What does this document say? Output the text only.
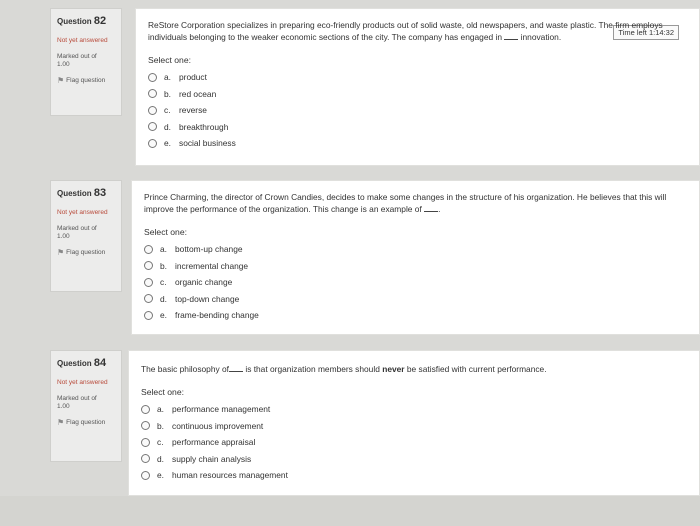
Question 82
Not yet answered
Marked out of
1.00
⚑ Flag question
Time left 1:14:32
ReStore Corporation specializes in preparing eco-friendly products out of solid waste, old newspapers, and waste plastic. The firm employs individuals belonging to the weaker economic sections of the city. The company has engaged in innovation.
Select one:
a. product
b. red ocean
c.	reverse
d. breakthrough
e. social business
Question 83
Not yet answered
Marked out of
1.00
⚑ Flag question
Prince Charming, the director of Crown Candies, decides to make some changes in the structure of his organization. He believes that this will improve the performance of the organization. This change is an example of .
Select one:
a. bottom-up change
b. incremental change
c.	organic change
d. top-down change
e. frame-bending change
Question 84
Not yet answered
Marked out of
1.00
⚑ Flag question
The basic philosophy of is that organization members should never be satisfied with current performance.
Select one:
a. performance management
b. continuous improvement
c.	performance appraisal
d. supply chain analysis
e. human resources management
